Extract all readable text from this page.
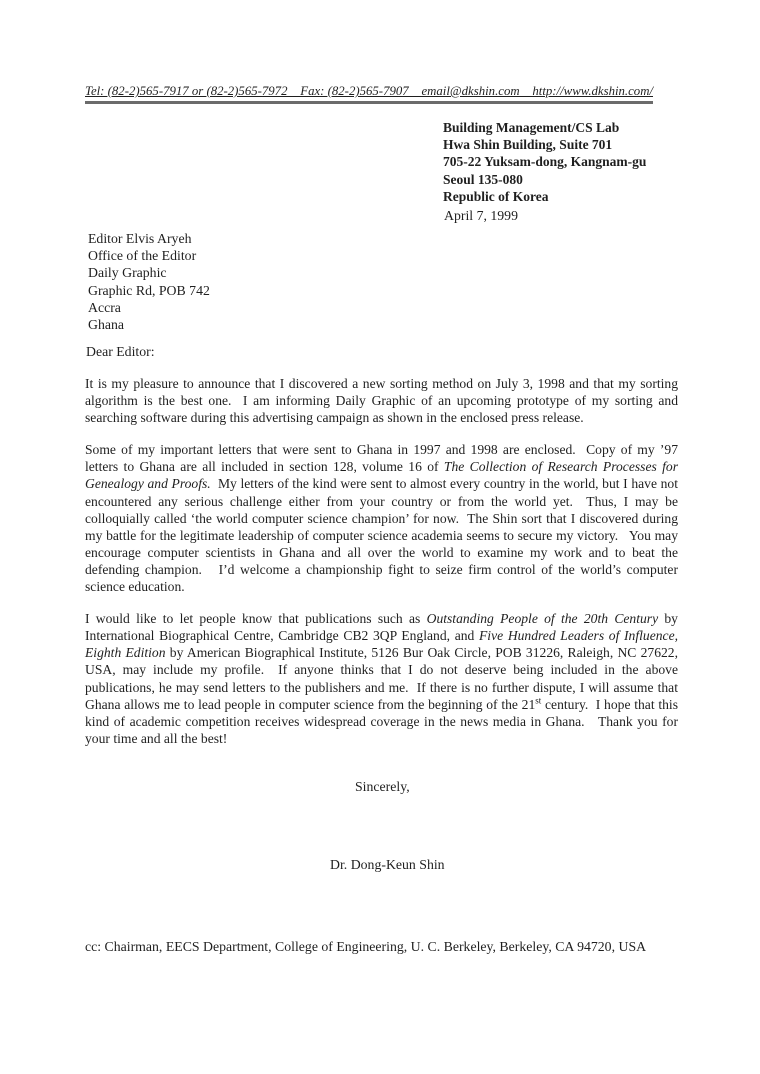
Tel: (82-2)565-7917 or (82-2)565-7972    Fax: (82-2)565-7907    email@dkshin.com    http://www.dkshin.com/
Building Management/CS Lab
Hwa Shin Building, Suite 701
705-22 Yuksam-dong, Kangnam-gu
Seoul 135-080
Republic of Korea
April 7, 1999
Editor Elvis Aryeh
Office of the Editor
Daily Graphic
Graphic Rd, POB 742
Accra
Ghana
Dear Editor:

It is my pleasure to announce that I discovered a new sorting method on July 3, 1998 and that my sorting algorithm is the best one.  I am informing Daily Graphic of an upcoming prototype of my sorting and searching software during this advertising campaign as shown in the enclosed press release.

Some of my important letters that were sent to Ghana in 1997 and 1998 are enclosed.  Copy of my ’97 letters to Ghana are all included in section 128, volume 16 of The Collection of Research Processes for Genealogy and Proofs.  My letters of the kind were sent to almost every country in the world, but I have not encountered any serious challenge either from your country or from the world yet.  Thus, I may be colloquially called ‘the world computer science champion’ for now.  The Shin sort that I discovered during my battle for the legitimate leadership of computer science academia seems to secure my victory.   You may encourage computer scientists in Ghana and all over the world to examine my work and to beat the defending champion.   I’d welcome a championship fight to seize firm control of the world’s computer science education.

I would like to let people know that publications such as Outstanding People of the 20th Century by International Biographical Centre, Cambridge CB2 3QP England, and Five Hundred Leaders of Influence, Eighth Edition by American Biographical Institute, 5126 Bur Oak Circle, POB 31226, Raleigh, NC 27622, USA, may include my profile.  If anyone thinks that I do not deserve being included in the above publications, he may send letters to the publishers and me.  If there is no further dispute, I will assume that Ghana allows me to lead people in computer science from the beginning of the 21st century.  I hope that this kind of academic competition receives widespread coverage in the news media in Ghana.   Thank you for your time and all the best!

Sincerely,
Dr. Dong-Keun Shin
cc: Chairman, EECS Department, College of Engineering, U. C. Berkeley, Berkeley, CA 94720, USA
